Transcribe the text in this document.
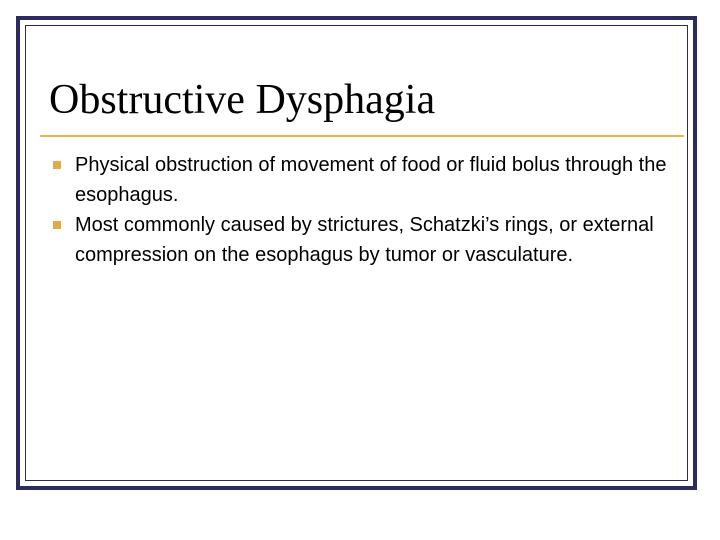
Obstructive Dysphagia
Physical obstruction of movement of food or fluid bolus through the esophagus.
Most commonly caused by strictures, Schatzki’s rings, or external compression on the esophagus by tumor or vasculature.
